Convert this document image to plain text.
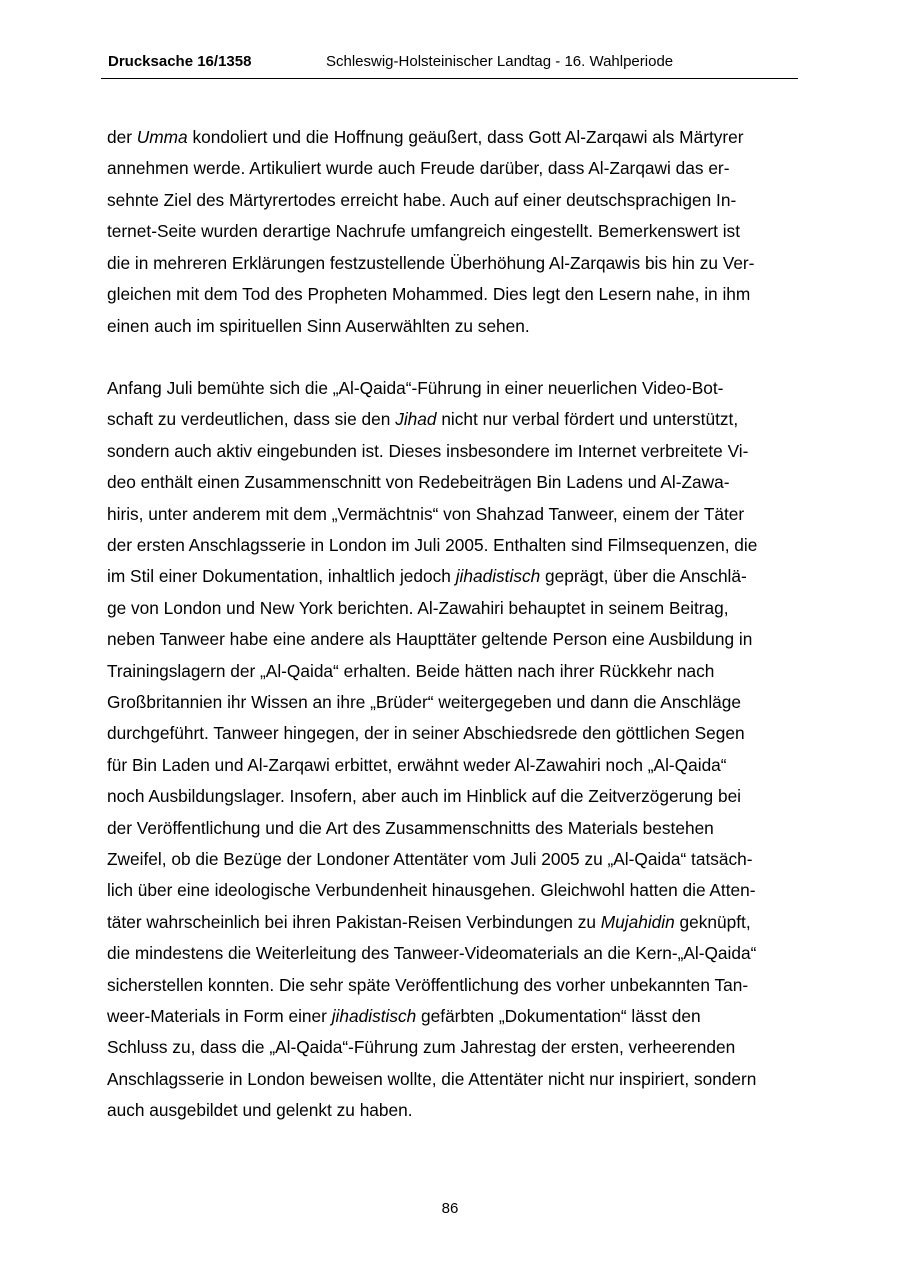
Drucksache 16/1358	Schleswig-Holsteinischer Landtag - 16. Wahlperiode
der Umma kondoliert und die Hoffnung geäußert, dass Gott Al-Zarqawi als Märtyrer
annehmen werde. Artikuliert wurde auch Freude darüber, dass Al-Zarqawi das er-
sehnte Ziel des Märtyrertodes erreicht habe. Auch auf einer deutschsprachigen In-
ternet-Seite wurden derartige Nachrufe umfangreich eingestellt. Bemerkenswert ist
die in mehreren Erklärungen festzustellende Überhöhung Al-Zarqawis bis hin zu Ver-
gleichen mit dem Tod des Propheten Mohammed. Dies legt den Lesern nahe, in ihm
einen auch im spirituellen Sinn Auserwählten zu sehen.
Anfang Juli bemühte sich die „Al-Qaida“-Führung in einer neuerlichen Video-Bot-
schaft zu verdeutlichen, dass sie den Jihad nicht nur verbal fördert und unterstützt,
sondern auch aktiv eingebunden ist. Dieses insbesondere im Internet verbreitete Vi-
deo enthält einen Zusammenschnitt von Redebeiträgen Bin Ladens und Al-Zawa-
hiris, unter anderem mit dem „Vermächtnis“ von Shahzad Tanweer, einem der Täter
der ersten Anschlagsserie in London im Juli 2005. Enthalten sind Filmsequenzen, die
im Stil einer Dokumentation, inhaltlich jedoch jihadistisch geprägt, über die Anschlä-
ge von London und New York berichten. Al-Zawahiri behauptet in seinem Beitrag,
neben Tanweer habe eine andere als Haupttäter geltende Person eine Ausbildung in
Trainingslagern der „Al-Qaida“ erhalten. Beide hätten nach ihrer Rückkehr nach
Großbritannien ihr Wissen an ihre „Brüder“ weitergegeben und dann die Anschläge
durchgeführt. Tanweer hingegen, der in seiner Abschiedsrede den göttlichen Segen
für Bin Laden und Al-Zarqawi erbittet, erwähnt weder Al-Zawahiri noch „Al-Qaida“
noch Ausbildungslager. Insofern, aber auch im Hinblick auf die Zeitverzögerung bei
der Veröffentlichung und die Art des Zusammenschnitts des Materials bestehen
Zweifel, ob die Bezüge der Londoner Attentäter vom Juli 2005 zu „Al-Qaida“ tatsäch-
lich über eine ideologische Verbundenheit hinausgehen. Gleichwohl hatten die Atten-
täter wahrscheinlich bei ihren Pakistan-Reisen Verbindungen zu Mujahidin geknüpft,
die mindestens die Weiterleitung des Tanweer-Videomaterials an die Kern-„Al-Qaida“
sicherstellen konnten. Die sehr späte Veröffentlichung des vorher unbekannten Tan-
weer-Materials in Form einer jihadistisch gefärbten „Dokumentation“ lässt den
Schluss zu, dass die „Al-Qaida“-Führung zum Jahrestag der ersten, verheerenden
Anschlagsserie in London beweisen wollte, die Attentäter nicht nur inspiriert, sondern
auch ausgebildet und gelenkt zu haben.
86
